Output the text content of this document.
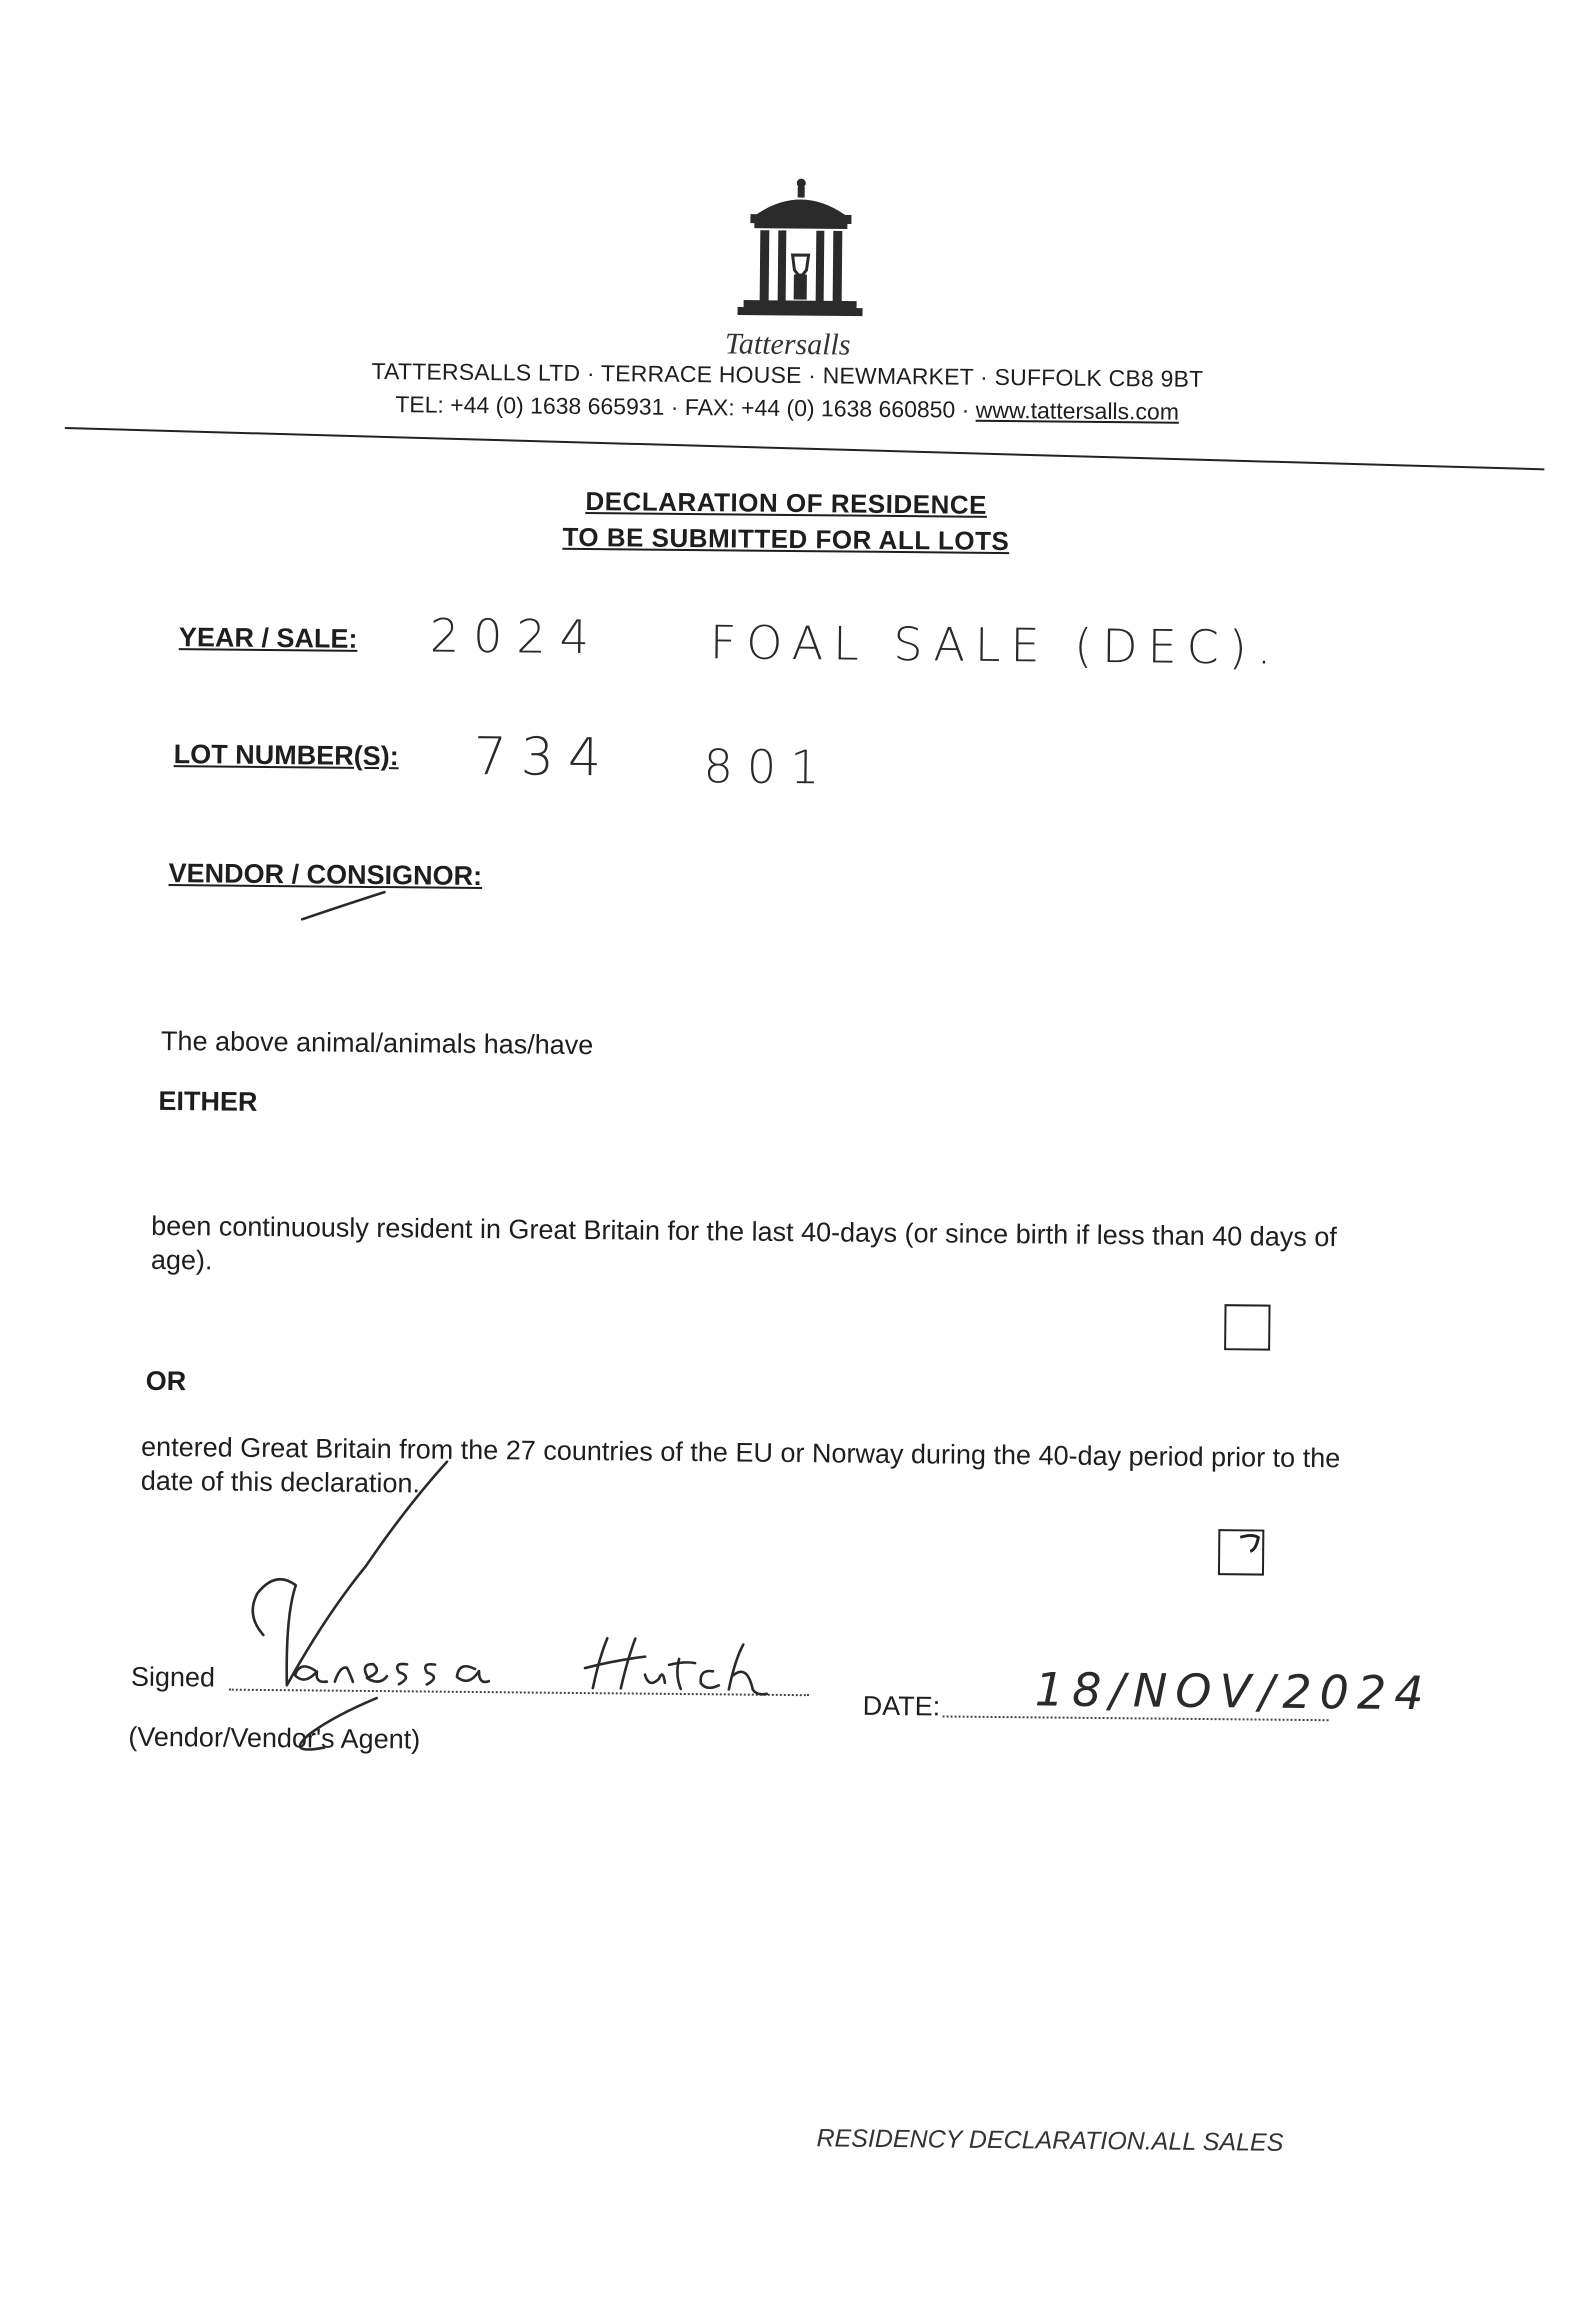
Tattersalls
TATTERSALLS LTD · TERRACE HOUSE · NEWMARKET · SUFFOLK CB8 9BT
TEL: +44 (0) 1638 665931 · FAX: +44 (0) 1638 660850 · www.tattersalls.com
DECLARATION OF RESIDENCE
TO BE SUBMITTED FOR ALL LOTS
YEAR / SALE: 2024 FOAL SALE (DEC).
LOT NUMBER(S): 734 801
VENDOR / CONSIGNOR:
The above animal/animals has/have
EITHER
been continuously resident in Great Britain for the last 40-days (or since birth if less than 40 days of age).
OR
entered Great Britain from the 27 countries of the EU or Norway during the 40-day period prior to the date of this declaration.
Signed
(Vendor/Vendor's Agent)
DATE: 18/NOV/2024
RESIDENCY DECLARATION.ALL SALES
